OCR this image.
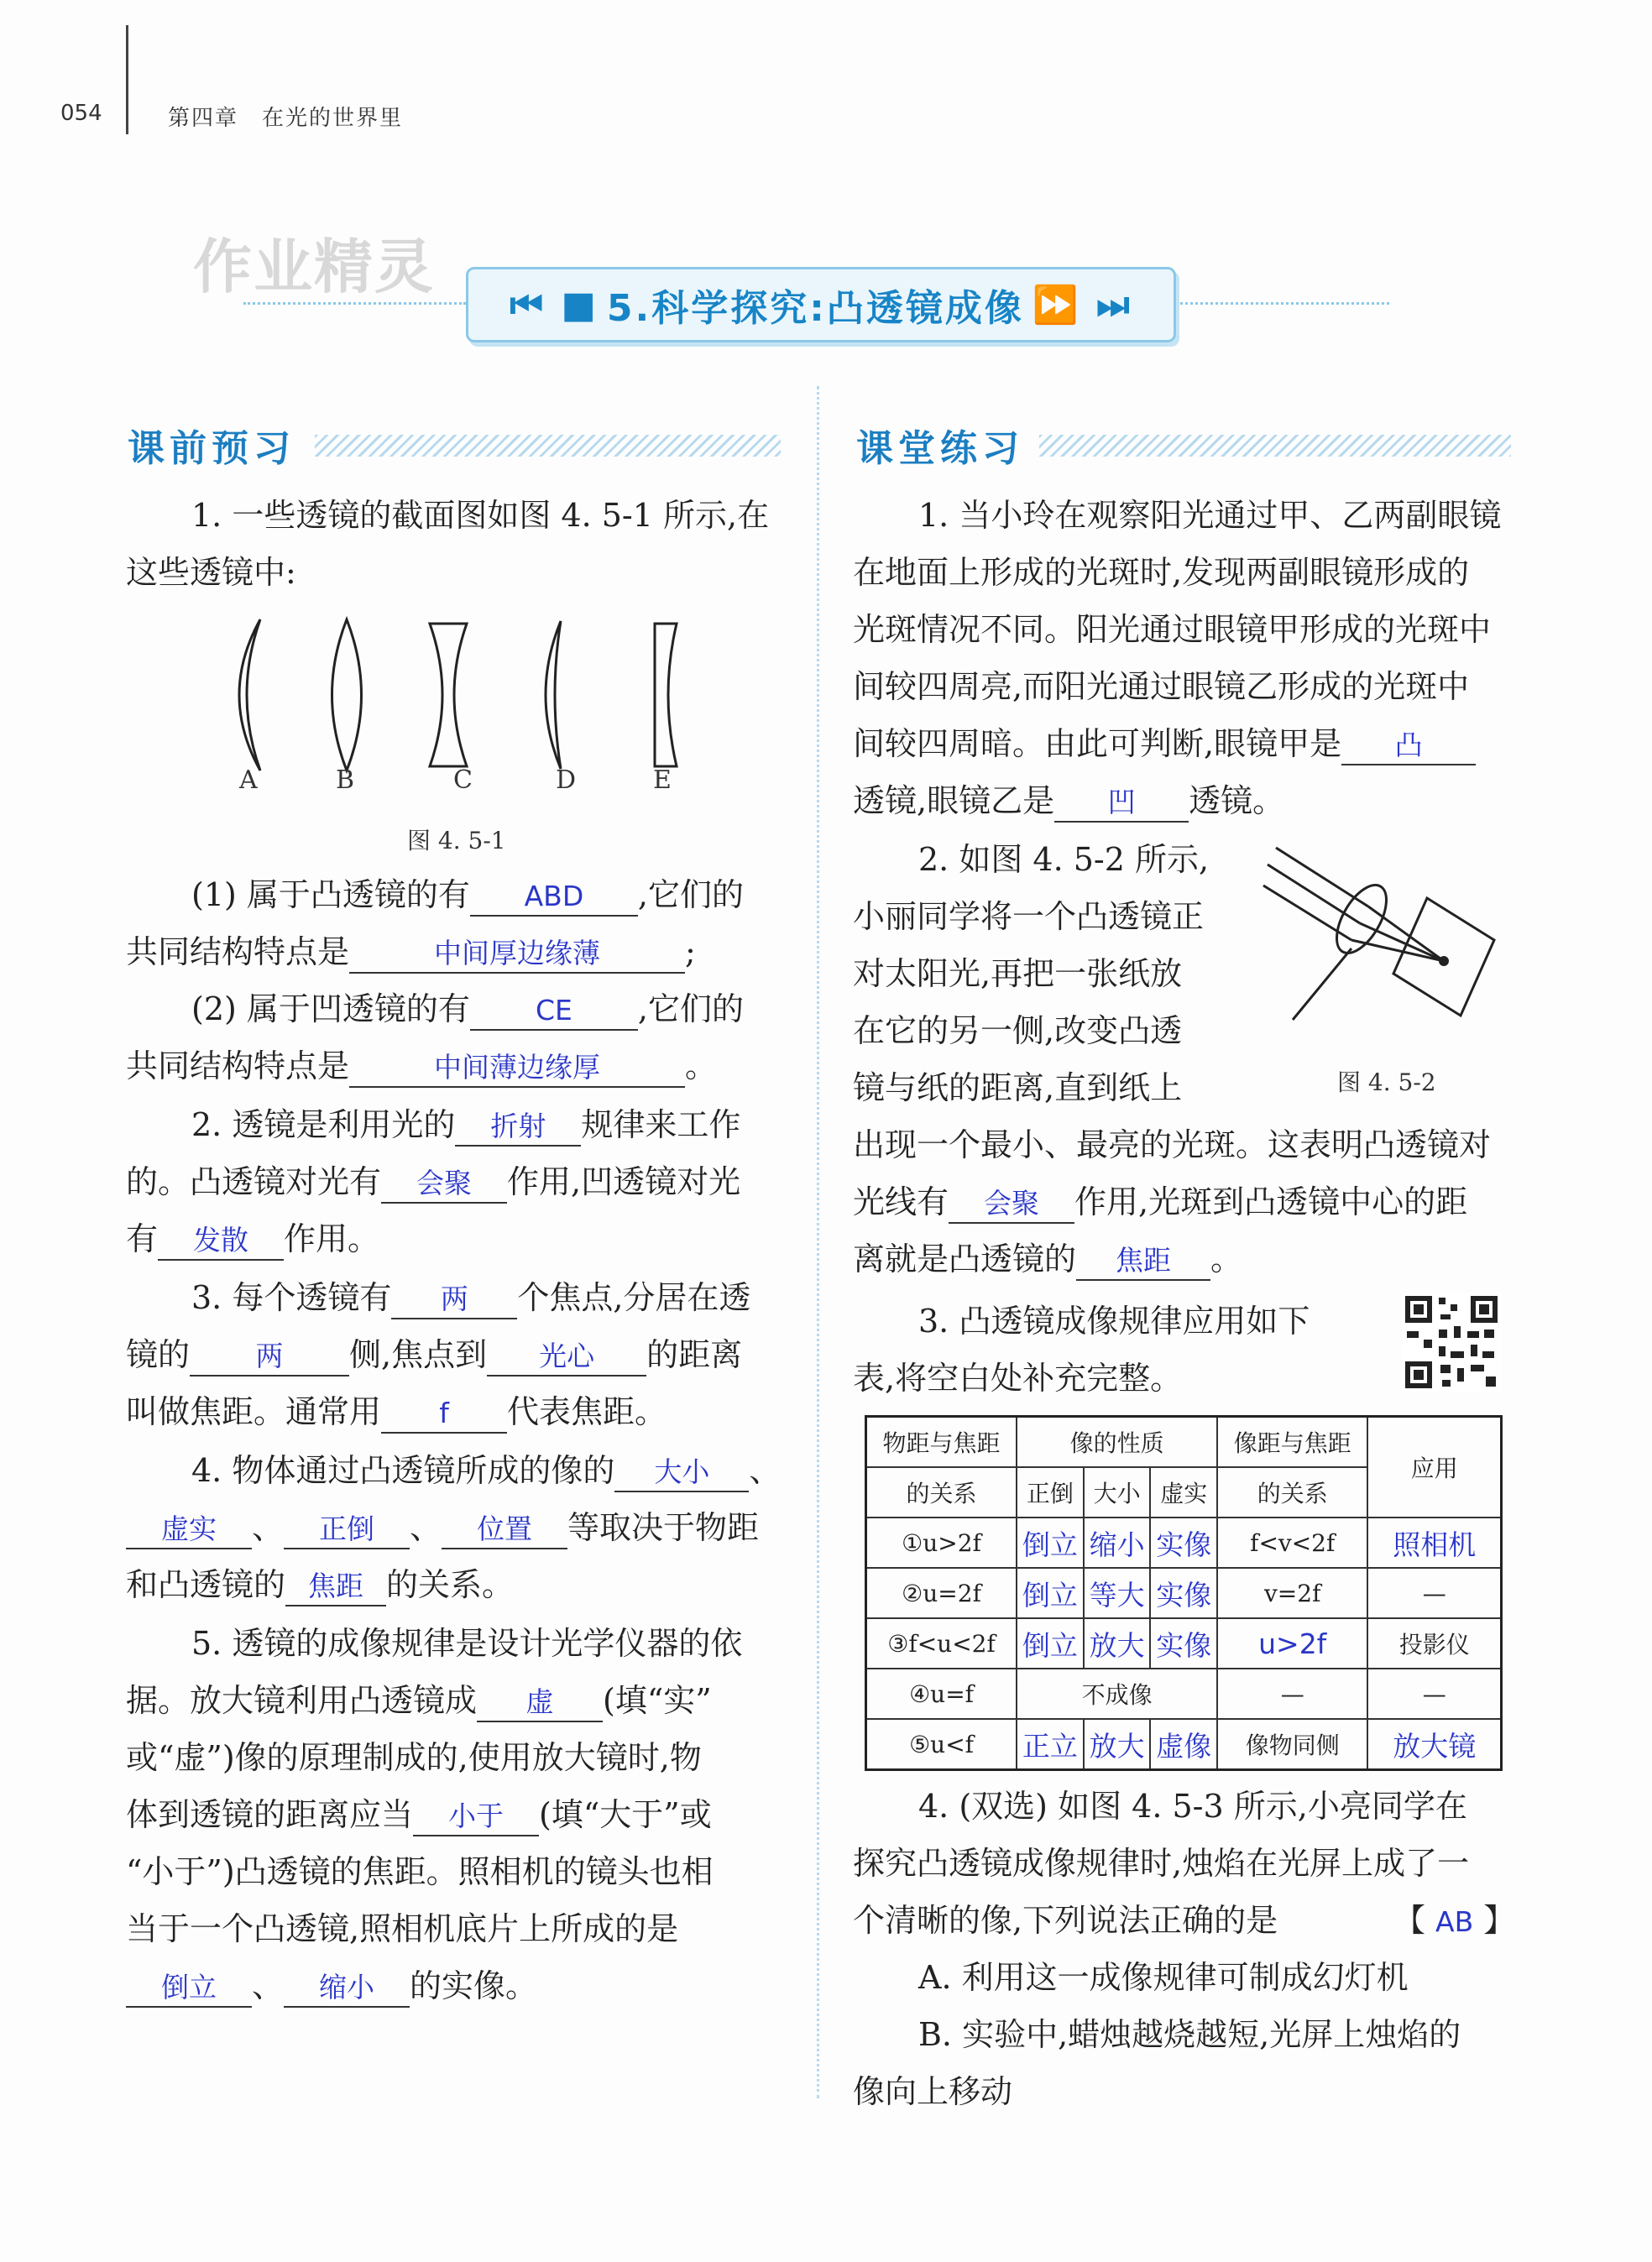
054	第四章　在光的世界里
作业精灵
⏮ ■ 5.科学探究:凸透镜成像 ⏩ ⏭
课前预习
1. 一些透镜的截面图如图 4. 5-1 所示,在
这些透镜中:
A	B	C	D	E
图 4. 5-1
(1) 属于凸透镜的有 ABD ,它们的
共同结构特点是	中间厚边缘薄	;
(2) 属于凹透镜的有 CE ,它们的
共同结构特点是	中间薄边缘厚	。
2. 透镜是利用光的 折射 规律来工作
的。凸透镜对光有 会聚 作用,凹透镜对光
有 发散 作用。
3. 每个透镜有 两 个焦点,分居在透
镜的 两 侧,焦点到 光心 的距离
叫做焦距。通常用 f 代表焦距。
4. 物体通过凸透镜所成的像的 大小 、
虚实 、 正倒 、 位置 等取决于物距
和凸透镜的 焦距 的关系。
5. 透镜的成像规律是设计光学仪器的依
据。放大镜利用凸透镜成 虚 (填“实”
或“虚”)像的原理制成的,使用放大镜时,物
体到透镜的距离应当 小于 (填“大于”或
“小于”)凸透镜的焦距。照相机的镜头也相
当于一个凸透镜,照相机底片上所成的是
倒立 、 缩小 的实像。
课堂练习
1. 当小玲在观察阳光通过甲、乙两副眼镜
在地面上形成的光斑时,发现两副眼镜形成的
光斑情况不同。阳光通过眼镜甲形成的光斑中
间较四周亮,而阳光通过眼镜乙形成的光斑中
间较四周暗。由此可判断,眼镜甲是 凸
透镜,眼镜乙是 凹 透镜。
2. 如图 4. 5-2 所示,
小丽同学将一个凸透镜正
对太阳光,再把一张纸放
在它的另一侧,改变凸透
镜与纸的距离,直到纸上	图 4. 5-2
出现一个最小、最亮的光斑。这表明凸透镜对
光线有 会聚 作用,光斑到凸透镜中心的距
离就是凸透镜的 焦距 。
3. 凸透镜成像规律应用如下
表,将空白处补充完整。
物距与焦距	像的性质			像距与焦距	应用
的关系	正倒	大小	虚实	的关系	
①u>2f	倒立	缩小	实像	f<v<2f	照相机
②u=2f	倒立	等大	实像	v=2f	—
③f<u<2f	倒立	放大	实像	u>2f	投影仪
④u=f	不成像			—	—
⑤u<f	正立	放大	虚像	像物同侧	放大镜
4. (双选) 如图 4. 5-3 所示,小亮同学在
探究凸透镜成像规律时,烛焰在光屏上成了一
个清晰的像,下列说法正确的是	【 AB 】
A. 利用这一成像规律可制成幻灯机
B. 实验中,蜡烛越烧越短,光屏上烛焰的
像向上移动
